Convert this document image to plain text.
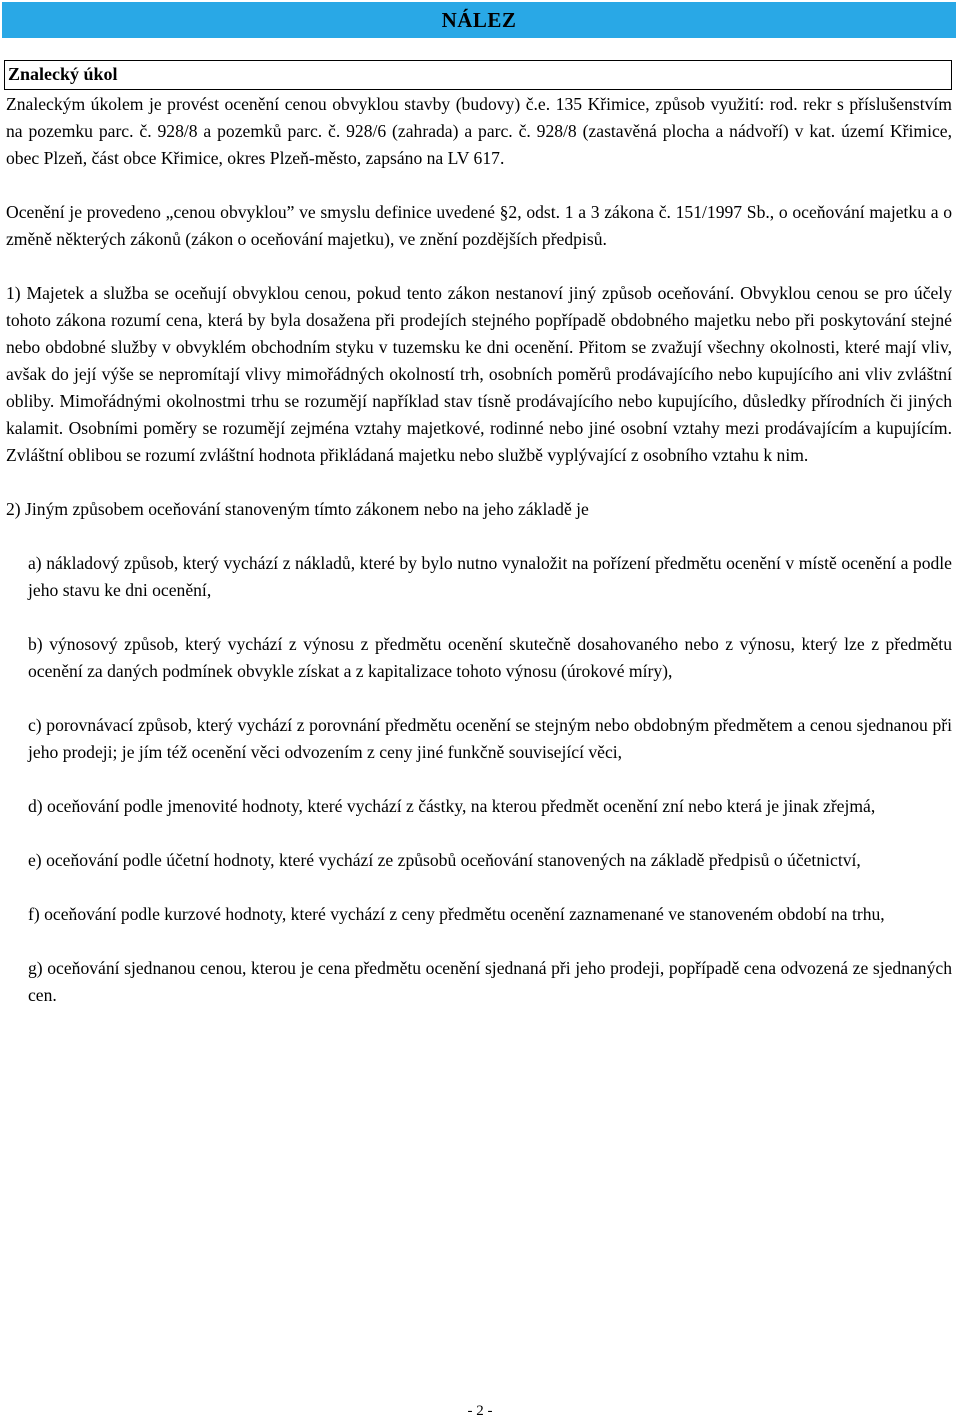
NÁLEZ
Znalecký úkol

Znaleckým úkolem je provést ocenění cenou obvyklou stavby (budovy) č.e. 135 Křimice, způsob využití: rod. rekr s příslušenstvím na pozemku parc. č. 928/8 a pozemků parc. č. 928/6 (zahrada) a parc. č. 928/8 (zastavěná plocha a nádvoří) v kat. území Křimice, obec Plzeň, část obce Křimice, okres Plzeň-město, zapsáno na LV 617.

Ocenění je provedeno „cenou obvyklou” ve smyslu definice uvedené §2, odst. 1 a 3 zákona č. 151/1997 Sb., o oceňování majetku a o změně některých zákonů (zákon o oceňování majetku), ve znění pozdějších předpisů.

1) Majetek a služba se oceňují obvyklou cenou, pokud tento zákon nestanoví jiný způsob oceňování. Obvyklou cenou se pro účely tohoto zákona rozumí cena, která by byla dosažena při prodejích stejného popřípadě obdobného majetku nebo při poskytování stejné nebo obdobné služby v obvyklém obchodním styku v tuzemsku ke dni ocenění. Přitom se zvažují všechny okolnosti, které mají vliv, avšak do její výše se nepromítají vlivy mimořádných okolností trh, osobních poměrů prodávajícího nebo kupujícího ani vliv zvláštní obliby. Mimořádnými okolnostmi trhu se rozumějí například stav tísně prodávajícího nebo kupujícího, důsledky přírodních či jiných kalamit. Osobními poměry se rozumějí zejména vztahy majetkové, rodinné nebo jiné osobní vztahy mezi prodávajícím a kupujícím. Zvláštní oblibou se rozumí zvláštní hodnota přikládaná majetku nebo službě vyplývající z osobního vztahu k nim.

2) Jiným způsobem oceňování stanoveným tímto zákonem nebo na jeho základě je

a) nákladový způsob, který vychází z nákladů, které by bylo nutno vynaložit na pořízení předmětu ocenění v místě ocenění a podle jeho stavu ke dni ocenění,

b) výnosový způsob, který vychází z výnosu z předmětu ocenění skutečně dosahovaného nebo z výnosu, který lze z předmětu ocenění za daných podmínek obvykle získat a z kapitalizace tohoto výnosu (úrokové míry),

c) porovnávací způsob, který vychází z porovnání předmětu ocenění se stejným nebo obdobným předmětem a cenou sjednanou při jeho prodeji; je jím též ocenění věci odvozením z ceny jiné funkčně související věci,

d) oceňování podle jmenovité hodnoty, které vychází z částky, na kterou předmět ocenění zní nebo která je jinak zřejmá,

e) oceňování podle účetní hodnoty, které vychází ze způsobů oceňování stanovených na základě předpisů o účetnictví,

f) oceňování podle kurzové hodnoty, které vychází z ceny předmětu ocenění zaznamenané ve stanoveném období na trhu,

g) oceňování sjednanou cenou, kterou je cena předmětu ocenění sjednaná při jeho prodeji, popřípadě cena odvozená ze sjednaných cen.

- 2 -
